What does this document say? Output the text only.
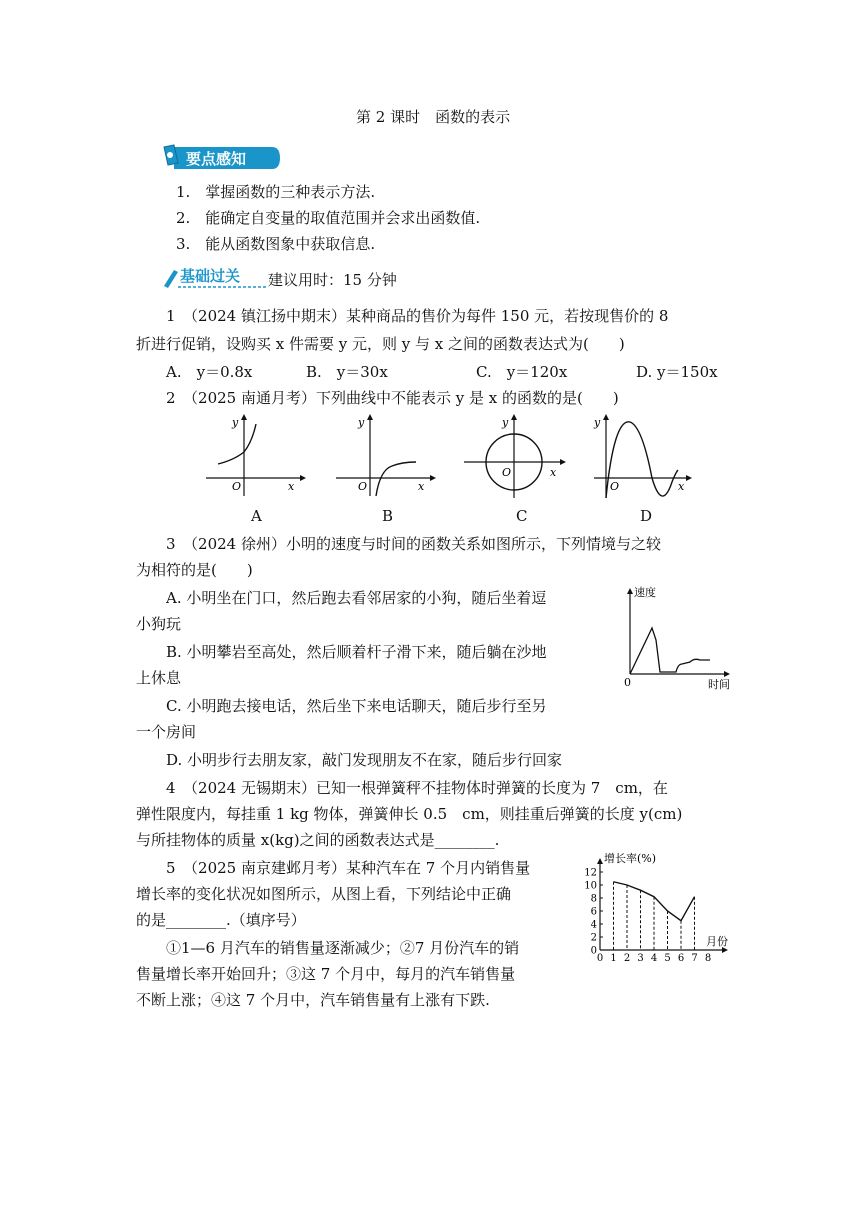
第 2 课时　函数的表示
要点感知
1.　掌握函数的三种表示方法.
2.　能确定自变量的取值范围并会求出函数值.
3.　能从函数图象中获取信息.
基础过关 建议用时：15 分钟
1　（2024 镇江扬中期末）某种商品的售价为每件 150 元，若按现售价的 8
折进行促销，设购买 x 件需要 y 元，则 y 与 x 之间的函数表达式为(　　)
A.　y＝0.8x	B.　y＝30x	C.　y＝120x	D. y＝150x
2　（2025 南通月考）下列曲线中不能表示 y 是 x 的函数的是(　　)
y
x
O
A
y
x
O
B
y
x
O
C
y
x
O
D
3　（2024 徐州）小明的速度与时间的函数关系如图所示，下列情境与之较
为相符的是(　　)
A. 小明坐在门口，然后跑去看邻居家的小狗，随后坐着逗
小狗玩
B. 小明攀岩至高处，然后顺着杆子滑下来，随后躺在沙地
上休息
C. 小明跑去接电话，然后坐下来电话聊天，随后步行至另
一个房间
D. 小明步行去朋友家，敲门发现朋友不在家，随后步行回家
速度
时间
0
4　（2024 无锡期末）已知一根弹簧秤不挂物体时弹簧的长度为 7　cm，在
弹性限度内，每挂重 1 kg 物体，弹簧伸长 0.5　cm，则挂重后弹簧的长度 y(cm)
与所挂物体的质量 x(kg)之间的函数表达式是________.
5　（2025 南京建邺月考）某种汽车在 7 个月内销售量
增长率的变化状况如图所示，从图上看，下列结论中正确
的是________.（填序号）
①1—6 月汽车的销售量逐渐减少；②7 月份汽车的销
售量增长率开始回升；③这 7 个月中，每月的汽车销售量
不断上涨；④这 7 个月中，汽车销售量有上涨有下跌.
0
2
4
6
8
10
12
0 1 2 3 4 5 6 7 8
增长率(%)
月份
